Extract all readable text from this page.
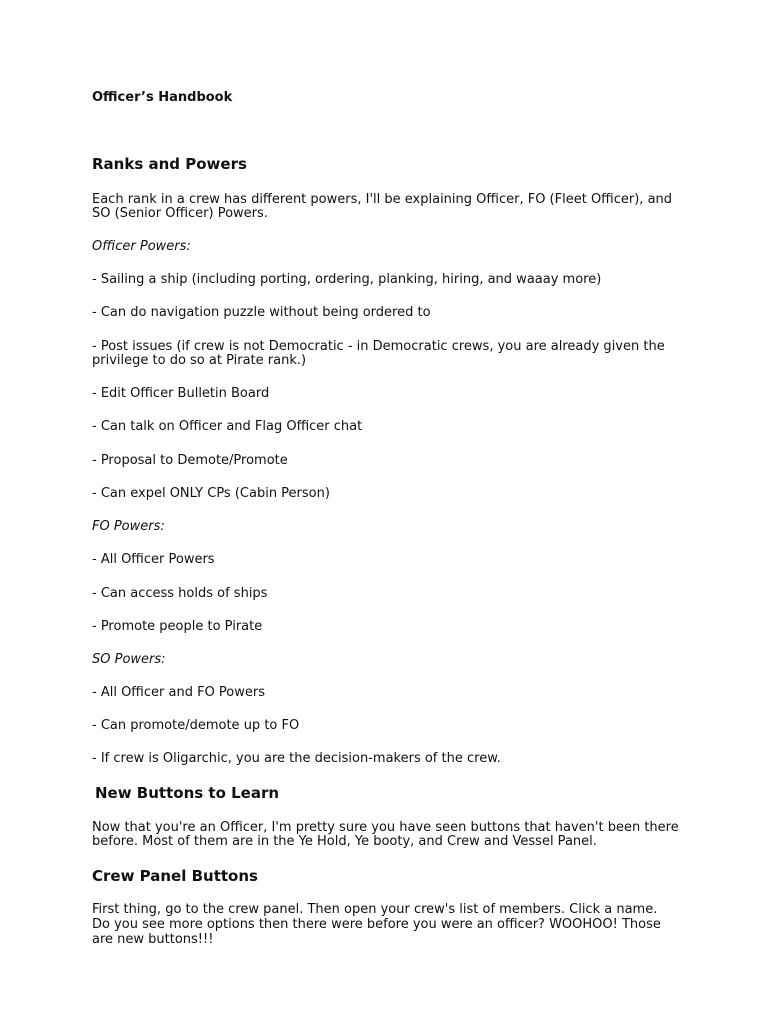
Officer’s Handbook

Ranks and Powers

Each rank in a crew has different powers, I'll be explaining Officer, FO (Fleet Officer), and

SO (Senior Officer) Powers.

Officer Powers:

- Sailing a ship (including porting, ordering, planking, hiring, and waaay more)

- Can do navigation puzzle without being ordered to

- Post issues (if crew is not Democratic - in Democratic crews, you are already given the

privilege to do so at Pirate rank.)

- Edit Officer Bulletin Board

- Can talk on Officer and Flag Officer chat

- Proposal to Demote/Promote

- Can expel ONLY CPs (Cabin Person)

FO Powers:

- All Officer Powers

- Can access holds of ships

- Promote people to Pirate

SO Powers:

- All Officer and FO Powers

- Can promote/demote up to FO

- If crew is Oligarchic, you are the decision-makers of the crew.

New Buttons to Learn

Now that you're an Officer, I'm pretty sure you have seen buttons that haven't been there

before. Most of them are in the Ye Hold, Ye booty, and Crew and Vessel Panel.

Crew Panel Buttons

First thing, go to the crew panel. Then open your crew's list of members. Click a name.

Do you see more options then there were before you were an officer? WOOHOO! Those

are new buttons!!!
